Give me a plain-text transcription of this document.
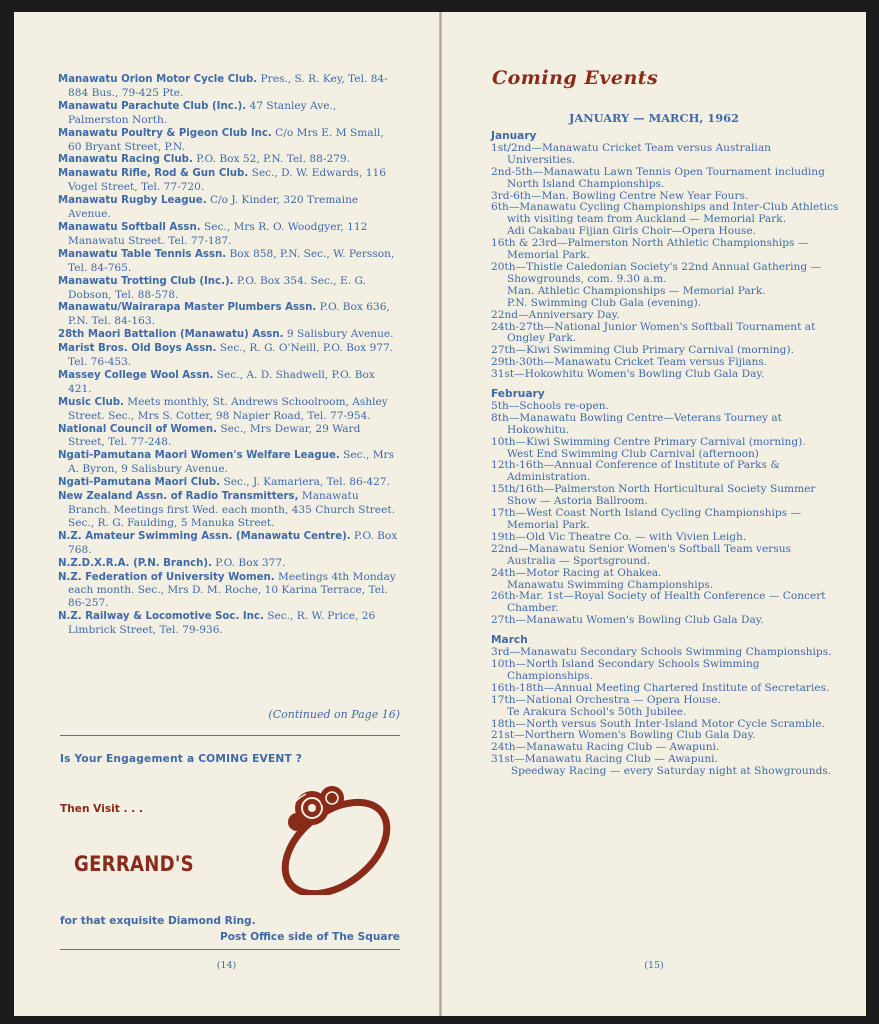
Manawatu Orion Motor Cycle Club. Pres., S. R. Key, Tel. 84-884 Bus., 79-425 Pte.

Manawatu Parachute Club (Inc.). 47 Stanley Ave., Palmerston North.

Manawatu Poultry & Pigeon Club Inc. C/o Mrs E. M Small, 60 Bryant Street, P.N.

Manawatu Racing Club. P.O. Box 52, P.N. Tel. 88-279.

Manawatu Rifle, Rod & Gun Club. Sec., D. W. Edwards, 116 Vogel Street, Tel. 77-720.

Manawatu Rugby League. C/o J. Kinder, 320 Tremaine Avenue.

Manawatu Softball Assn. Sec., Mrs R. O. Woodgyer, 112 Manawatu Street. Tel. 77-187.

Manawatu Table Tennis Assn. Box 858, P.N. Sec., W. Persson, Tel. 84-765.

Manawatu Trotting Club (Inc.). P.O. Box 354. Sec., E. G. Dobson, Tel. 88-578.

Manawatu/Wairarapa Master Plumbers Assn. P.O. Box 636, P.N. Tel. 84-163.

28th Maori Battalion (Manawatu) Assn. 9 Salisbury Avenue.

Marist Bros. Old Boys Assn. Sec., R. G. O'Neill, P.O. Box 977. Tel. 76-453.

Massey College Wool Assn. Sec., A. D. Shadwell, P.O. Box 421.

Music Club. Meets monthly, St. Andrews Schoolroom, Ashley Street. Sec., Mrs S. Cotter, 98 Napier Road, Tel. 77-954.

National Council of Women. Sec., Mrs Dewar, 29 Ward Street, Tel. 77-248.

Ngati-Pamutana Maori Women's Welfare League. Sec., Mrs A. Byron, 9 Salisbury Avenue.

Ngati-Pamutana Maori Club. Sec., J. Kamariera, Tel. 86-427.

New Zealand Assn. of Radio Transmitters, Manawatu Branch. Meetings first Wed. each month, 435 Church Street. Sec., R. G. Faulding, 5 Manuka Street.

N.Z. Amateur Swimming Assn. (Manawatu Centre). P.O. Box 768.

N.Z.D.X.R.A. (P.N. Branch). P.O. Box 377.

N.Z. Federation of University Women. Meetings 4th Monday each month. Sec., Mrs D. M. Roche, 10 Karina Terrace, Tel. 86-257.

N.Z. Railway & Locomotive Soc. Inc. Sec., R. W. Price, 26 Limbrick Street, Tel. 79-936.

(Continued on Page 16)
Is Your Engagement a COMING EVENT ?
Then Visit . . .
GERRAND'S
for that exquisite Diamond Ring.
Post Office side of The Square
(14)
Coming Events
JANUARY — MARCH, 1962

January

1st/2nd—Manawatu Cricket Team versus Australian Universities.

2nd-5th—Manawatu Lawn Tennis Open Tournament including North Island Championships.

3rd-6th—Man. Bowling Centre New Year Fours.

6th—Manawatu Cycling Championships and Inter-Club Athletics with visiting team from Auckland — Memorial Park.

Adi Cakabau Fijian Girls Choir—Opera House.

16th & 23rd—Palmerston North Athletic Championships — Memorial Park.

20th—Thistle Caledonian Society's 22nd Annual Gathering — Showgrounds, com. 9.30 a.m.

Man. Athletic Championships — Memorial Park.

P.N. Swimming Club Gala (evening).

22nd—Anniversary Day.

24th-27th—National Junior Women's Softball Tournament at Ongley Park.

27th—Kiwi Swimming Club Primary Carnival (morning).

29th-30th—Manawatu Cricket Team versus Fijians.

31st—Hokowhitu Women's Bowling Club Gala Day.

February

5th—Schools re-open.

8th—Manawatu Bowling Centre—Veterans Tourney at Hokowhitu.

10th—Kiwi Swimming Centre Primary Carnival (morning).

West End Swimming Club Carnival (afternoon)

12th-16th—Annual Conference of Institute of Parks & Administration.

15th/16th—Palmerston North Horticultural Society Summer Show — Astoria Ballroom.

17th—West Coast North Island Cycling Championships — Memorial Park.

19th—Old Vic Theatre Co. — with Vivien Leigh.

22nd—Manawatu Senior Women's Softball Team versus Australia — Sportsground.

24th—Motor Racing at Ohakea.

Manawatu Swimming Championships.

26th-Mar. 1st—Royal Society of Health Conference — Concert Chamber.

27th—Manawatu Women's Bowling Club Gala Day.

March

3rd—Manawatu Secondary Schools Swimming Championships.

10th—North Island Secondary Schools Swimming Championships.

16th-18th—Annual Meeting Chartered Institute of Secretaries.

17th—National Orchestra — Opera House.

Te Arakura School's 50th Jubilee.

18th—North versus South Inter-Island Motor Cycle Scramble.

21st—Northern Women's Bowling Club Gala Day.

24th—Manawatu Racing Club — Awapuni.

31st—Manawatu Racing Club — Awapuni.

Speedway Racing — every Saturday night at Showgrounds.

(15)
